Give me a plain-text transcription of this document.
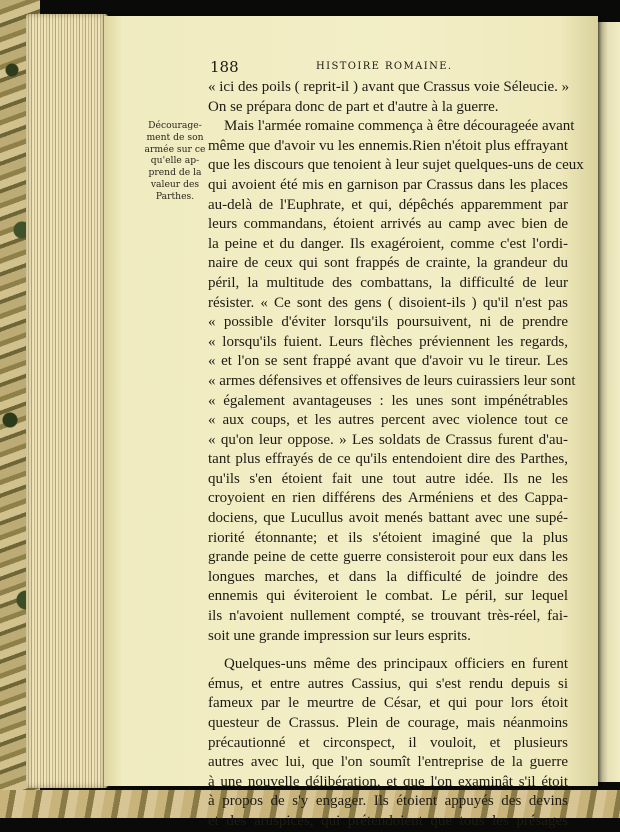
188	HISTOIRE ROMAINE.
Décourage-
ment de son
armée sur ce
qu'elle ap-
prend de la
valeur des
Parthes.
« ici des poils ( reprit-il ) avant que Crassus voie Séleucie. »
On se prépara donc de part et d'autre à la guerre.
Mais l'armée romaine commença à être décourageée avant
même que d'avoir vu les ennemis.Rien n'étoit plus effrayant
que les discours que tenoient à leur sujet quelques-uns de ceux
qui avoient été mis en garnison par Crassus dans les places
au-delà de l'Euphrate, et qui, dépêchés apparemment par
leurs commandans, étoient arrivés au camp avec bien de
la peine et du danger. Ils exagéroient, comme c'est l'ordi-
naire de ceux qui sont frappés de crainte, la grandeur du
péril, la multitude des combattans, la difficulté de leur
résister. « Ce sont des gens ( disoient-ils ) qu'il n'est pas
« possible d'éviter lorsqu'ils poursuivent, ni de prendre
« lorsqu'ils fuient. Leurs flèches préviennent les regards,
« et l'on se sent frappé avant que d'avoir vu le tireur. Les
« armes défensives et offensives de leurs cuirassiers leur sont
« également avantageuses : les unes sont impénétrables
« aux coups, et les autres percent avec violence tout ce
« qu'on leur oppose. » Les soldats de Crassus furent d'au-
tant plus effrayés de ce qu'ils entendoient dire des Parthes,
qu'ils s'en étoient fait une tout autre idée. Ils ne les
croyoient en rien différens des Arméniens et des Cappa-
dociens, que Lucullus avoit menés battant avec une supé-
riorité étonnante; et ils s'étoient imaginé que la plus
grande peine de cette guerre consisteroit pour eux dans les
longues marches, et dans la difficulté de joindre des
ennemis qui éviteroient le combat. Le péril, sur lequel
ils n'avoient nullement compté, se trouvant très-réel, fai-
soit une grande impression sur leurs esprits.
Quelques-uns même des principaux officiers en furent
émus, et entre autres Cassius, qui s'est rendu depuis si
fameux par le meurtre de César, et qui pour lors étoit
questeur de Crassus. Plein de courage, mais néanmoins
précautionné et circonspect, il vouloit, et plusieurs
autres avec lui, que l'on soumît l'entreprise de la guerre
à une nouvelle délibération, et que l'on examinât s'il étoit
à propos de s'y engager. Ils étoient appuyés des devins
et des aruspices, qui prétendoient que tous les présages
